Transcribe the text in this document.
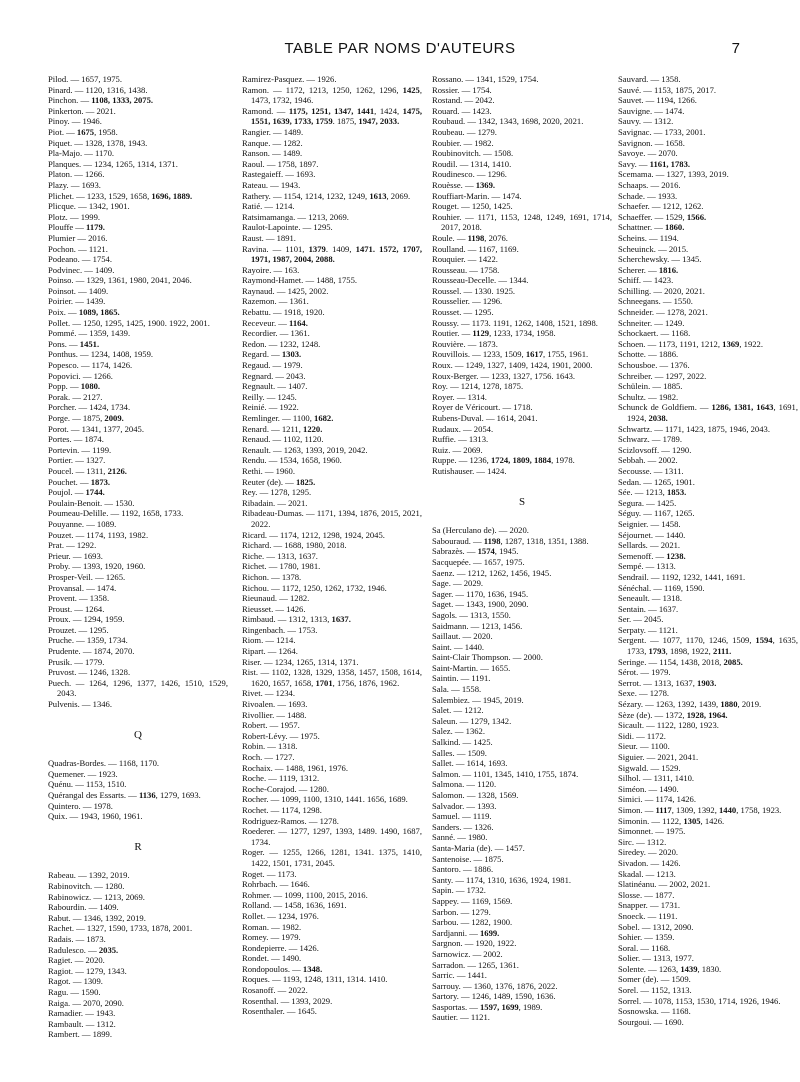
TABLE PAR NOMS D'AUTEURS	7

Pilod. — 1657, 1975.

Pinard. — 1120, 1316, 1438.

Pinchon. — 1108, 1333, 2075.

Pinkerton. — 2021.

Pinoy. — 1946.

Piot. — 1675, 1958.

Piquet. — 1328, 1378, 1943.

Pla-Majo. — 1170.

Planques. — 1234, 1265, 1314, 1371.

Platon. — 1266.

Plazy. — 1693.

Plichet. — 1233, 1529, 1658, 1696, 1889.

Plicque. — 1342, 1901.

Plotz. — 1999.

Plouffe — 1179.

Plumier — 2016.

Pochon. — 1121.

Podeano. — 1754.

Podvinec. — 1409.

Poinso. — 1329, 1361, 1980, 2041, 2046.

Poinsot. — 1409.

Poirier. — 1439.

Poix. — 1089, 1865.

Pollet. — 1250, 1295, 1425, 1900. 1922, 2001.

Pommé. — 1359, 1439.

Pons. — 1451.

Ponthus. — 1234, 1408, 1959.

Popesco. — 1174, 1426.

Popovici. — 1266.

Popp. — 1080.

Porak. — 2127.

Porcher. — 1424, 1734.

Porge. — 1875, 2009.

Porot. — 1341, 1377, 2045.

Portes. — 1874.

Portevin. — 1199.

Portier. — 1327.

Poucel. — 1311, 2126.

Pouchet. — 1873.

Poujol. — 1744.

Poulain-Benoit. — 1530.

Poumeau-Delille. — 1192, 1658, 1733.

Pouyanne. — 1089.

Pouzet. — 1174, 1193, 1982.

Prat. — 1292.

Prieur. — 1693.

Proby. — 1393, 1920, 1960.

Prosper-Veil. — 1265.

Provansal. — 1474.

Provent. — 1358.

Proust. — 1264.

Proux. — 1294, 1959.

Prouzet. — 1295.

Pruche. — 1359, 1734.

Prudente. — 1874, 2070.

Prusik. — 1779.

Pruvost. — 1246, 1328.

Puech. — 1264, 1296, 1377, 1426, 1510, 1529, 2043.

Pulvenis. — 1346.

Q

Quadras-Bordes. — 1168, 1170.

Quemener. — 1923.

Quénu. — 1153, 1510.

Quérangal des Essarts. — 1136, 1279, 1693.

Quintero. — 1978.

Quix. — 1943, 1960, 1961.

R

Rabeau. — 1392, 2019.

Rabinovitch. — 1280.

Rabinowicz. — 1213, 2069.

Rabourdin. — 1409.

Rabut. — 1346, 1392, 2019.

Rachet. — 1327, 1590, 1733, 1878, 2001.

Radais. — 1873.

Radulesco. — 2035.

Ragiet. — 2020.

Ragiot. — 1279, 1343.

Ragot. — 1309.

Ragu. — 1590.

Raiga. — 2070, 2090.

Ramadier. — 1943.

Rambault. — 1312.

Rambert. — 1899.

Ramirez-Pasquez. — 1926.

Ramon. — 1172, 1213, 1250, 1262, 1296, 1425, 1473, 1732, 1946.

Ramond. — 1175, 1251, 1347, 1441, 1424, 1475, 1551, 1639, 1733, 1759. 1875, 1947, 2033.

Rangier. — 1489.

Ranque. — 1282.

Ranson. — 1489.

Raoul. — 1758, 1897.

Rastegaieff. — 1693.

Rateau. — 1943.

Rathery. — 1154, 1214, 1232, 1249, 1613, 2069.

Ratié. — 1214.

Ratsimamanga. — 1213, 2069.

Raulot-Lapointe. — 1295.

Raust. — 1891.

Ravina. — 1101, 1379. 1409, 1471. 1572, 1707, 1971, 1987, 2004, 2088.

Rayoire. — 163.

Raymond-Hamet. — 1488, 1755.

Raynaud. — 1425, 2002.

Razemon. — 1361.

Rebattu. — 1918, 1920.

Receveur. — 1164.

Recordier. — 1361.

Redon. — 1232, 1248.

Regard. — 1303.

Regaud. — 1979.

Regnard. — 2043.

Regnault. — 1407.

Reilly. — 1245.

Reinié. — 1922.

Remlinger. — 1100, 1682.

Renard. — 1211, 1220.

Renaud. — 1102, 1120.

Renault. — 1263, 1393, 2019, 2042.

Rendu. — 1534, 1658, 1960.

Rethi. — 1960.

Reuter (de). — 1825.

Rey. — 1278, 1295.

Ribadain. — 2021.

Ribadeau-Dumas. — 1171, 1394, 1876, 2015, 2021, 2022.

Ricard. — 1174, 1212, 1298, 1924, 2045.

Richard. — 1688, 1980, 2018.

Riche. — 1313, 1637.

Richet. — 1780, 1981.

Richon. — 1378.

Richou. — 1172, 1250, 1262, 1732, 1946.

Rieunaud. — 1282.

Rieusset. — 1426.

Rimbaud. — 1312, 1313, 1637.

Ringenbach. — 1753.

Riom. — 1214.

Ripart. — 1264.

Riser. — 1234, 1265, 1314, 1371.

Rist. — 1102, 1328, 1329, 1358, 1457, 1508, 1614, 1620, 1657, 1658, 1701, 1756, 1876, 1962.

Rivet. — 1234.

Rivoalen. — 1693.

Rivollier. — 1488.

Robert. — 1957.

Robert-Lévy. — 1975.

Robin. — 1318.

Roch. — 1727.

Rochaix. — 1488, 1961, 1976.

Roche. — 1119, 1312.

Roche-Corajod. — 1280.

Rocher. — 1099, 1100, 1310, 1441. 1656, 1689.

Rochet. — 1174, 1298.

Rodriguez-Ramos. — 1278.

Roederer. — 1277, 1297, 1393, 1489. 1490, 1687, 1734.

Roger. — 1255, 1266, 1281, 1341. 1375, 1410, 1422, 1501, 1731, 2045.

Roget. — 1173.

Rohrbach. — 1646.

Rohmer. — 1099, 1100, 2015, 2016.

Rolland. — 1458, 1636, 1691.

Rollet. — 1234, 1976.

Roman. — 1982.

Romey. — 1979.

Rondepierre. — 1426.

Rondet. — 1490.

Rondopoulos. — 1348.

Roques. — 1193, 1248, 1311, 1314. 1410.

Rosanoff. — 2022.

Rosenthal. — 1393, 2029.

Rosenthaler. — 1645.

Rossano. — 1341, 1529, 1754.

Rossier. — 1754.

Rostand. — 2042.

Rouard. — 1423.

Roubaud. — 1342, 1343, 1698, 2020, 2021.

Roubeau. — 1279.

Roubier. — 1982.

Roubinovitch. — 1508.

Roudil. — 1314, 1410.

Roudinesco. — 1296.

Rouèsse. — 1369.

Rouffiart-Marin. — 1474.

Rouget. — 1250, 1425.

Rouhier. — 1171, 1153, 1248, 1249, 1691, 1714, 2017, 2018.

Roule. — 1198, 2076.

Roulland. — 1167, 1169.

Rouquier. — 1422.

Rousseau. — 1758.

Rousseau-Decelle. — 1344.

Roussel. — 1330. 1925.

Rousselier. — 1296.

Rousset. — 1295.

Roussy. — 1173. 1191, 1262, 1408, 1521, 1898.

Routier. — 1129, 1233, 1734, 1958.

Rouvière. — 1873.

Rouvillois. — 1233, 1509, 1617, 1755, 1961.

Roux. — 1249, 1327, 1409, 1424, 1901, 2000.

Roux-Berger. — 1233, 1327, 1756. 1643.

Roy. — 1214, 1278, 1875.

Royer. — 1314.

Royer de Véricourt. — 1718.

Rubens-Duval. — 1614, 2041.

Rudaux. — 2054.

Ruffie. — 1313.

Ruiz. — 2069.

Ruppe. — 1236, 1724, 1809, 1884, 1978.

Rutishauser. — 1424.

S

Sa (Herculano de). — 2020.

Sabouraud. — 1198, 1287, 1318, 1351, 1388.

Sabrazès. — 1574, 1945.

Sacquepée. — 1657, 1975.

Saenz. — 1212, 1262, 1456, 1945.

Sage. — 2029.

Sager. — 1170, 1636, 1945.

Saget. — 1343, 1900, 2090.

Sagols. — 1313, 1550.

Saidmann. — 1213, 1456.

Saillaut. — 2020.

Saint. — 1440.

Saint-Clair Thompson. — 2000.

Saint-Martin. — 1655.

Saintin. — 1191.

Sala. — 1558.

Salembiez. — 1945, 2019.

Salet. — 1212.

Saleun. — 1279, 1342.

Salez. — 1362.

Salkind. — 1425.

Salles. — 1509.

Sallet. — 1614, 1693.

Salmon. — 1101, 1345, 1410, 1755, 1874.

Salmona. — 1120.

Salomon. — 1328, 1569.

Salvador. — 1393.

Samuel. — 1119.

Sanders. — 1326.

Sanné. — 1980.

Santa-Maria (de). — 1457.

Santenoise. — 1875.

Santoro. — 1886.

Santy. — 1174, 1310, 1636, 1924, 1981.

Sapin. — 1732.

Sappey. — 1169, 1569.

Sarbon. — 1279.

Sarbou. — 1282, 1900.

Sardjanni. — 1699.

Sargnon. — 1920, 1922.

Sarnowicz. — 2002.

Sarradon. — 1265, 1361.

Sarric. — 1441.

Sarrouy. — 1360, 1376, 1876, 2022.

Sartory. — 1246, 1489, 1590, 1636.

Sasportas. — 1597, 1699, 1989.

Sautier. — 1121.

Sauvard. — 1358.

Sauvé. — 1153, 1875, 2017.

Sauvet. — 1194, 1266.

Sauvigne. — 1474.

Sauvy. — 1312.

Savignac. — 1733, 2001.

Savignon. — 1658.

Savoye. — 2070.

Savy. — 1161, 1783.

Scemama. — 1327, 1393, 2019.

Schaaps. — 2016.

Schade. — 1933.

Schaefer. — 1212, 1262.

Schaeffer. — 1529, 1566.

Schattner. — 1860.

Scheins. — 1194.

Scheuinck. — 2015.

Scherchewsky. — 1345.

Scherer. — 1816.

Schiff. — 1423.

Schilling. — 2020, 2021.

Schneegans. — 1550.

Schneider. — 1278, 2021.

Schneiter. — 1249.

Schockaert. — 1168.

Schoen. — 1173, 1191, 1212, 1369, 1922.

Schotte. — 1886.

Schousboe. — 1376.

Schreiber. — 1297, 2022.

Schülein. — 1885.

Schultz. — 1982.

Schunck de Goldfiem. — 1286, 1381, 1643, 1691, 1924, 2038.

Schwartz. — 1171, 1423, 1875, 1946, 2043.

Schwarz. — 1789.

Scizlovsoff. — 1290.

Sebbah. — 2002.

Secousse. — 1311.

Sedan. — 1265, 1901.

Sée. — 1213, 1853.

Segura. — 1425.

Séguy. — 1167, 1265.

Seignier. — 1458.

Séjournet. — 1440.

Sellards. — 2021.

Semenoff. — 1238.

Sempé. — 1313.

Sendrail. — 1192, 1232, 1441, 1691.

Sénéchal. — 1169, 1590.

Seneault. — 1318.

Sentain. — 1637.

Ser. — 2045.

Serpaty. — 1121.

Sergent. — 1077, 1170, 1246, 1509, 1594, 1635, 1733, 1793, 1898, 1922, 2111.

Seringe. — 1154, 1438, 2018, 2085.

Sérot. — 1979.

Serrot. — 1313, 1637, 1903.

Sexe. — 1278.

Sézary. — 1263, 1392, 1439, 1880, 2019.

Sèze (de). — 1372, 1928, 1964.

Sicault. — 1122, 1280, 1923.

Sidi. — 1172.

Sieur. — 1100.

Siguier. — 2021, 2041.

Sigwald. — 1529.

Silhol. — 1311, 1410.

Siméon. — 1490.

Simici. — 1174, 1426.

Simon. — 1117, 1309, 1392, 1440, 1758, 1923.

Simonin. — 1122, 1305, 1426.

Simonnet. — 1975.

Sirc. — 1312.

Siredey. — 2020.

Sivadon. — 1426.

Skadal. — 1213.

Slatinéanu. — 2002, 2021.

Slosse. — 1877.

Snapper. — 1731.

Snoeck. — 1191.

Sobel. — 1312, 2090.

Sohier. — 1359.

Soral. — 1168.

Solier. — 1313, 1977.

Solente. — 1263, 1439, 1830.

Somer (de). — 1509.

Sorel. — 1152, 1313.

Sorrel. — 1078, 1153, 1530, 1714, 1926, 1946.

Sosnowska. — 1168.

Sourgoui. — 1690.
